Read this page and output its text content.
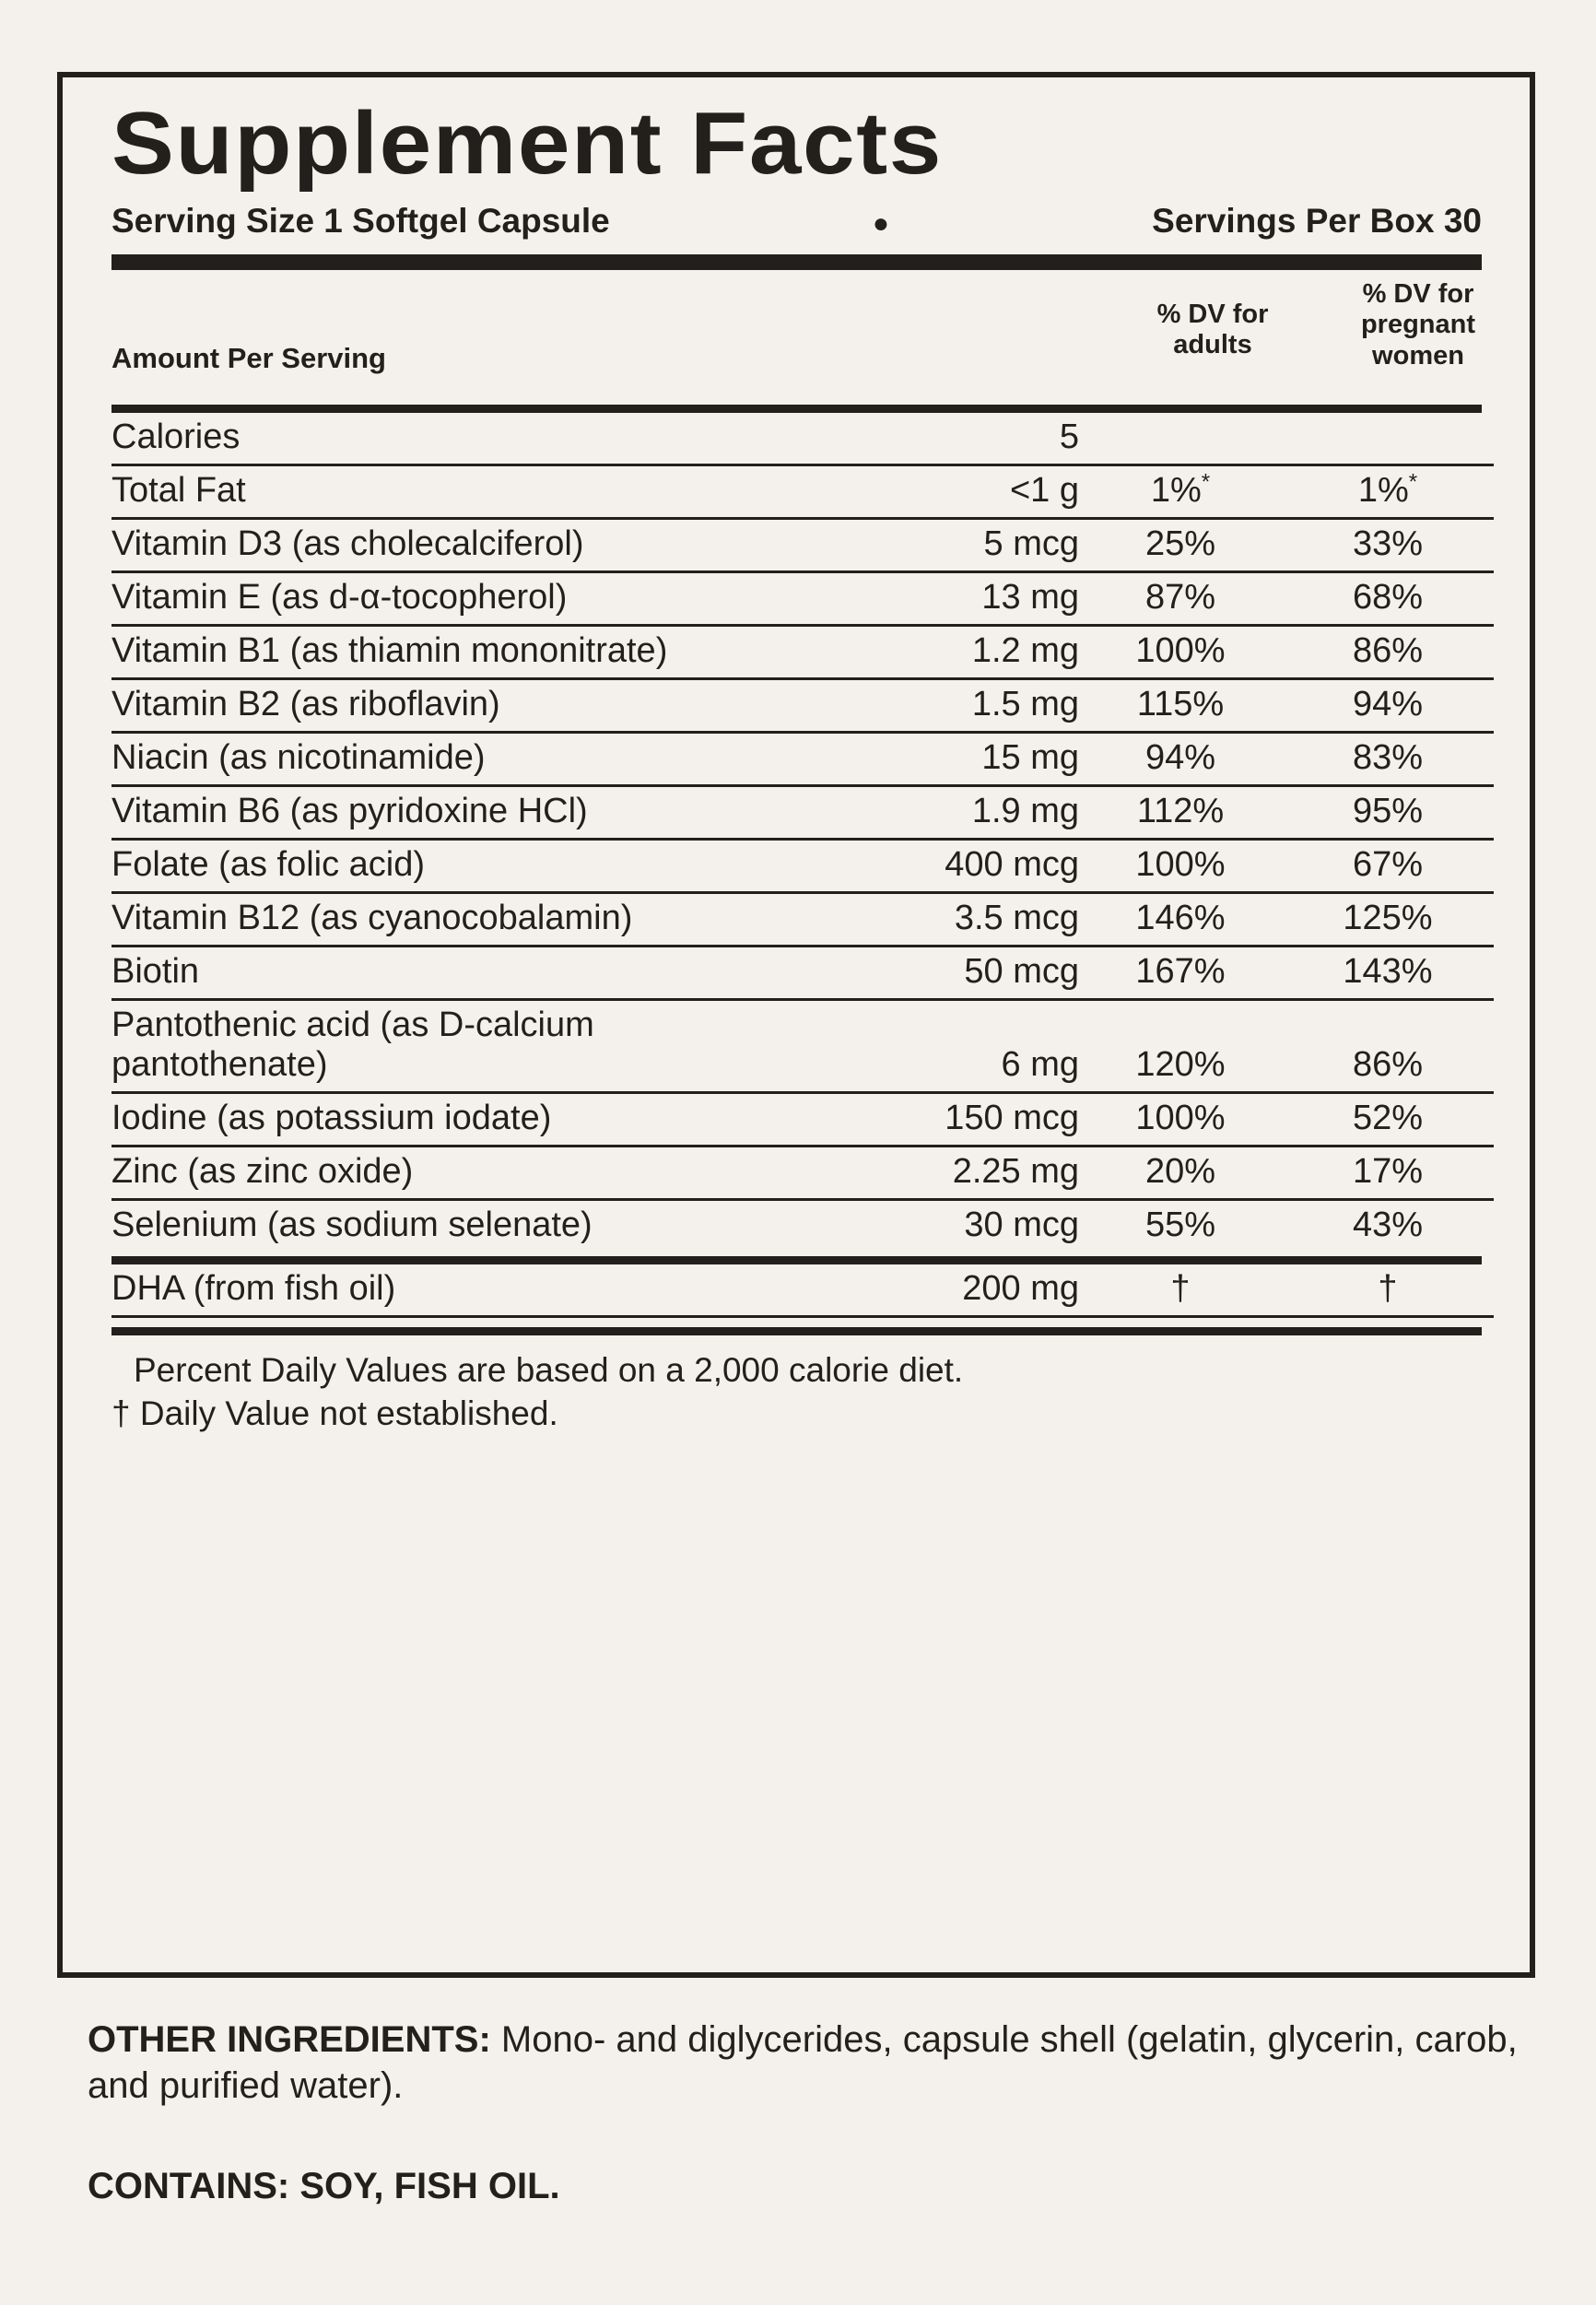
Supplement Facts
Serving Size 1 Softgel Capsule	●	Servings Per Box 30
Amount Per Serving
% DV for
adults
% DV for
pregnant
women
Calories	5		
Total Fat	<1 g	1%*	1%*
Vitamin D3 (as cholecalciferol)	5 mcg	25%	33%
Vitamin E (as d-α-tocopherol)	13 mg	87%	68%
Vitamin B1 (as thiamin mononitrate)	1.2 mg	100%	86%
Vitamin B2 (as riboflavin)	1.5 mg	115%	94%
Niacin (as nicotinamide)	15 mg	94%	83%
Vitamin B6 (as pyridoxine HCl)	1.9 mg	112%	95%
Folate (as folic acid)	400 mcg	100%	67%
Vitamin B12 (as cyanocobalamin)	3.5 mcg	146%	125%
Biotin	50 mcg	167%	143%
Pantothenic acid (as D-calcium			
pantothenate)	6 mg	120%	86%
Iodine (as potassium iodate)	150 mcg	100%	52%
Zinc (as zinc oxide)	2.25 mg	20%	17%
Selenium (as sodium selenate)	30 mcg	55%	43%
DHA (from fish oil)	200 mg	†	†
Percent Daily Values are based on a 2,000 calorie diet.
† Daily Value not established.
OTHER INGREDIENTS: Mono- and diglycerides, capsule shell (gelatin, glycerin, carob, and purified water).
CONTAINS: SOY, FISH OIL.
